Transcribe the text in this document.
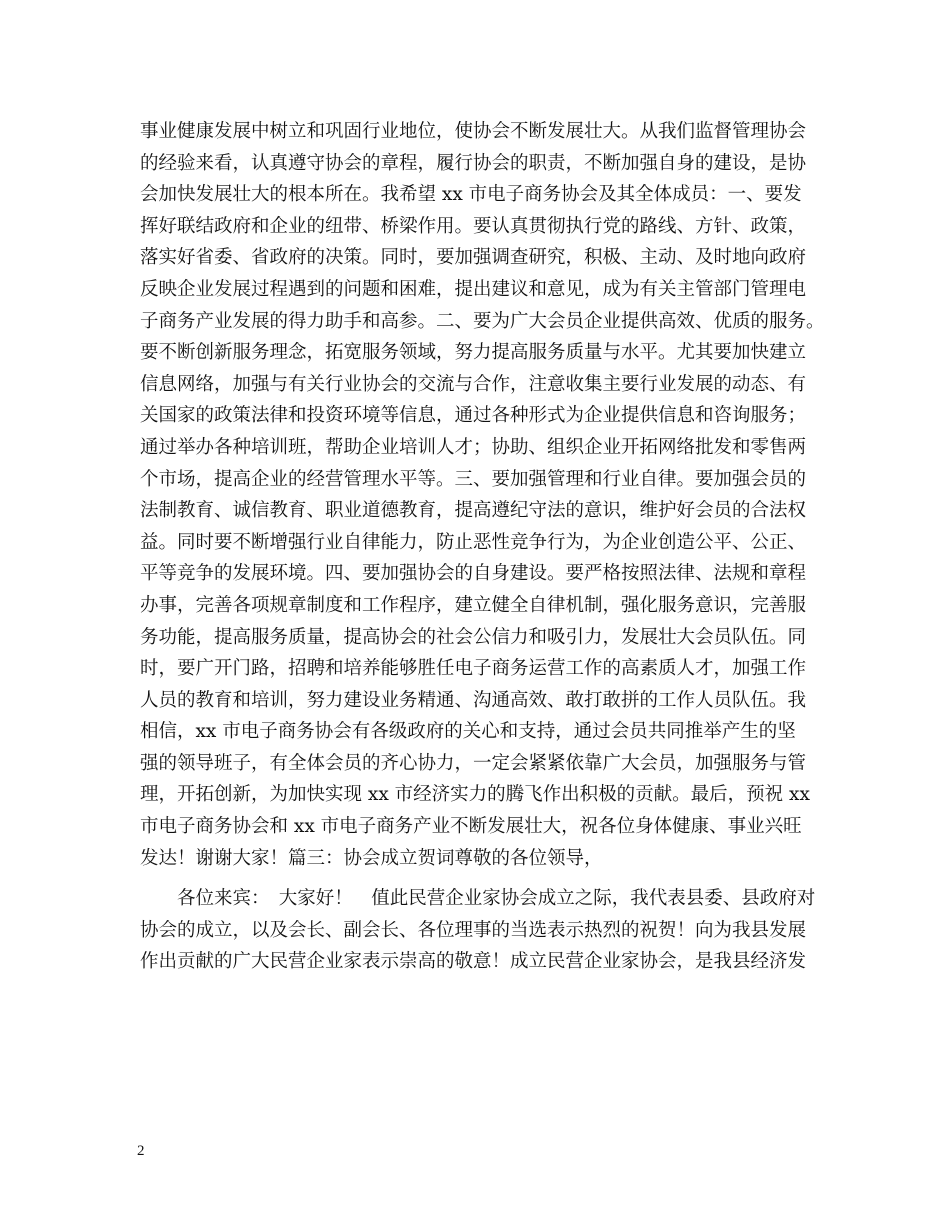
事业健康发展中树立和巩固行业地位，使协会不断发展壮大。从我们监督管理协会
的经验来看，认真遵守协会的章程，履行协会的职责，不断加强自身的建设，是协
会加快发展壮大的根本所在。我希望 xx 市电子商务协会及其全体成员：一、要发
挥好联结政府和企业的纽带、桥梁作用。要认真贯彻执行党的路线、方针、政策，
落实好省委、省政府的决策。同时，要加强调查研究，积极、主动、及时地向政府
反映企业发展过程遇到的问题和困难，提出建议和意见，成为有关主管部门管理电
子商务产业发展的得力助手和高参。二、要为广大会员企业提供高效、优质的服务。
要不断创新服务理念，拓宽服务领域，努力提高服务质量与水平。尤其要加快建立
信息网络，加强与有关行业协会的交流与合作，注意收集主要行业发展的动态、有
关国家的政策法律和投资环境等信息，通过各种形式为企业提供信息和咨询服务；
通过举办各种培训班，帮助企业培训人才；协助、组织企业开拓网络批发和零售两
个市场，提高企业的经营管理水平等。三、要加强管理和行业自律。要加强会员的
法制教育、诚信教育、职业道德教育，提高遵纪守法的意识，维护好会员的合法权
益。同时要不断增强行业自律能力，防止恶性竞争行为，为企业创造公平、公正、
平等竞争的发展环境。四、要加强协会的自身建设。要严格按照法律、法规和章程
办事，完善各项规章制度和工作程序，建立健全自律机制，强化服务意识，完善服
务功能，提高服务质量，提高协会的社会公信力和吸引力，发展壮大会员队伍。同
时，要广开门路，招聘和培养能够胜任电子商务运营工作的高素质人才，加强工作
人员的教育和培训，努力建设业务精通、沟通高效、敢打敢拼的工作人员队伍。我
相信，xx 市电子商务协会有各级政府的关心和支持，通过会员共同推举产生的坚
强的领导班子，有全体会员的齐心协力，一定会紧紧依靠广大会员，加强服务与管
理，开拓创新，为加快实现 xx 市经济实力的腾飞作出积极的贡献。最后，预祝 xx
市电子商务协会和 xx 市电子商务产业不断发展壮大，祝各位身体健康、事业兴旺
发达！谢谢大家！篇三：协会成立贺词尊敬的各位领导，
各位来宾：　大家好！　值此民营企业家协会成立之际，我代表县委、县政府对
协会的成立，以及会长、副会长、各位理事的当选表示热烈的祝贺！向为我县发展
作出贡献的广大民营企业家表示崇高的敬意！成立民营企业家协会，是我县经济发
2
